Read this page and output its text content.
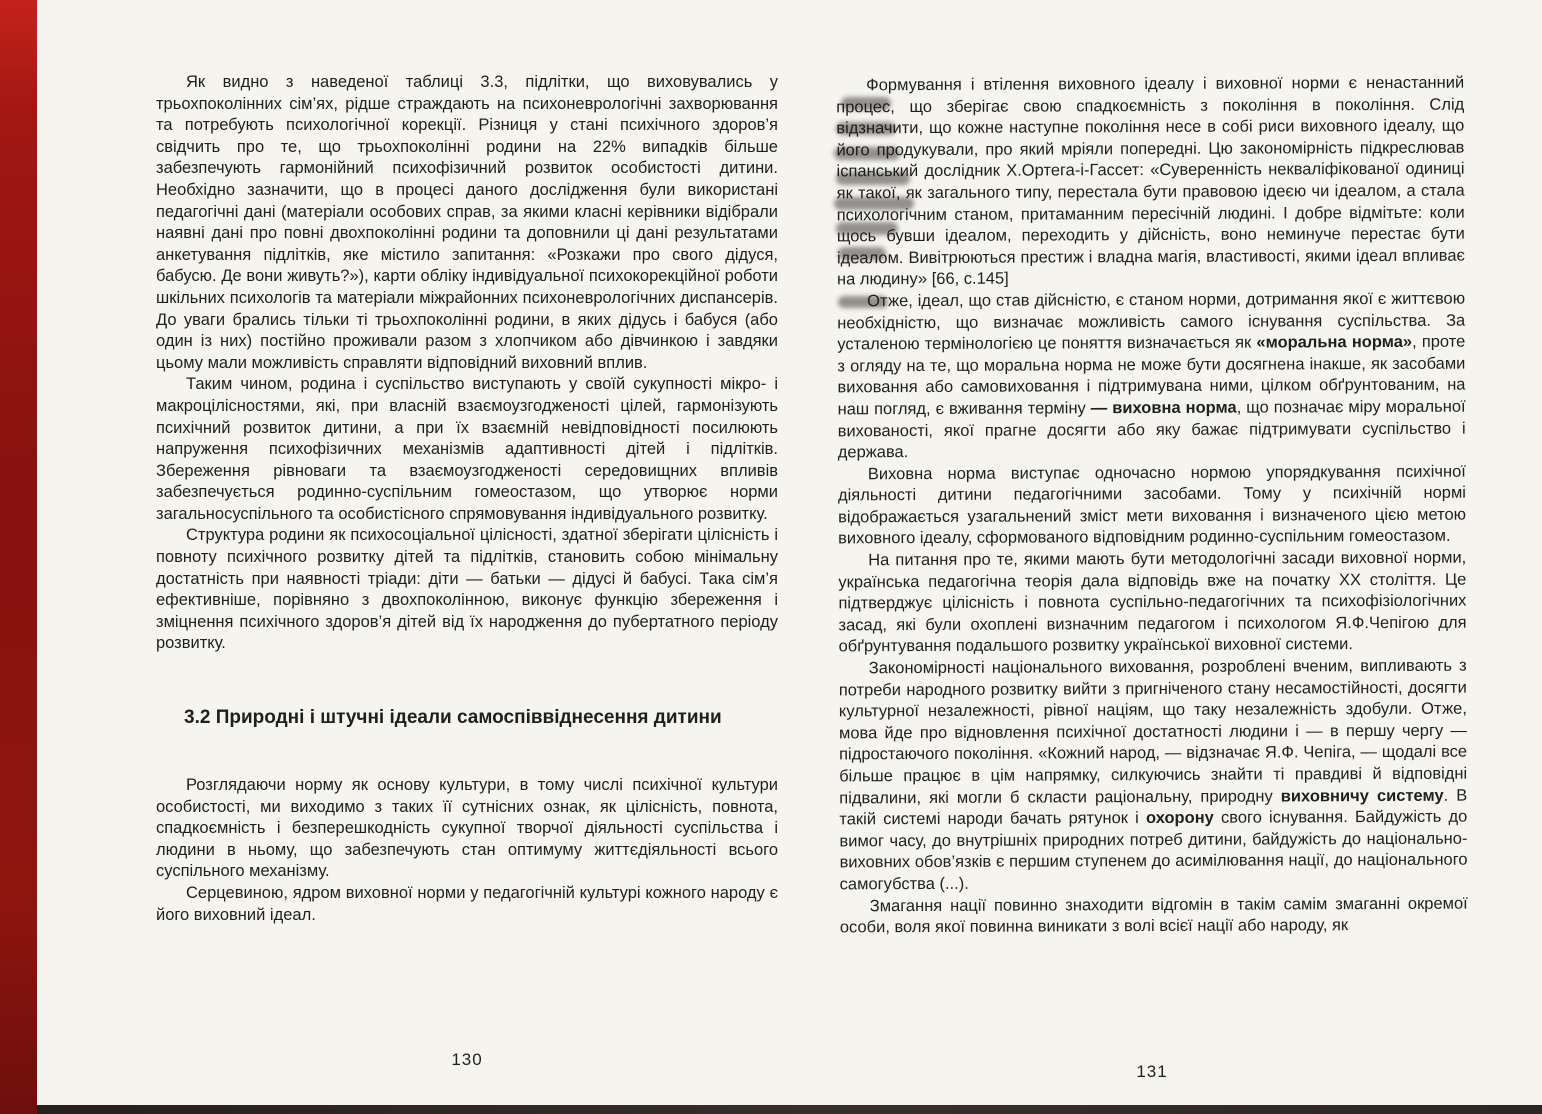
Як видно з наведеної таблиці 3.3, підлітки, що виховувались у трьохпоколінних сім’ях, рідше страждають на психоневрологічні захворювання та потребують психологічної корекції. Різниця у стані психічного здоров’я свідчить про те, що трьохпоколінні родини на 22% випадків більше забезпечують гармонійний психофізичний розвиток особистості дитини. Необхідно зазначити, що в процесі даного дослідження були використані педагогічні дані (матеріали особових справ, за якими класні керівники відібрали наявні дані про повні двохпоколінні родини та доповнили ці дані результатами анкетування підлітків, яке містило запитання: «Розкажи про свого дідуся, бабусю. Де вони живуть?»), карти обліку індивідуальної психокорекційної роботи шкільних психологів та матеріали міжрайонних психоневрологічних диспансерів. До уваги брались тільки ті трьохпоколінні родини, в яких дідусь і бабуся (або один із них) постійно проживали разом з хлопчиком або дівчинкою і завдяки цьому мали можливість справляти відповідний виховний вплив.

Таким чином, родина і суспільство виступають у своїй сукупності мікро- і макроцілісностями, які, при власній взаємоузгодженості цілей, гармонізують психічний розвиток дитини, а при їх взаємній невідповідності посилюють напруження психофізичних механізмів адаптивності дітей і підлітків. Збереження рівноваги та взаємоузгодженості середовищних впливів забезпечується родинно-суспільним гомеостазом, що утворює норми загальносуспільного та особистісного спрямовування індивідуального розвитку.

Структура родини як психосоціальної цілісності, здатної зберігати цілісність і повноту психічного розвитку дітей та підлітків, становить собою мінімальну достатність при наявності тріади: діти — батьки — дідусі й бабусі. Така сім’я ефективніше, порівняно з двохпоколінною, виконує функцію збереження і зміцнення психічного здоров’я дітей від їх народження до пубертатного періоду розвитку.

3.2 Природні і штучні ідеали самоспіввіднесення дитини

Розглядаючи норму як основу культури, в тому числі психічної культури особистості, ми виходимо з таких її сутнісних ознак, як цілісність, повнота, спадкоємність і безперешкодність сукупної творчої діяльності суспільства і людини в ньому, що забезпечують стан оптимуму життєдіяльності всього суспільного механізму.

Серцевиною, ядром виховної норми у педагогічній культурі кожного народу є його виховний ідеал.

Формування і втілення виховного ідеалу і виховної норми є ненастанний процес, що зберігає свою спадкоємність з покоління в покоління. Слід відзначити, що кожне наступне покоління несе в собі риси виховного ідеалу, що його продукували, про який мріяли попередні. Цю закономірність підкреслював іспанський дослідник Х.Ортега-і-Гассет: «Суверенність некваліфікованої одиниці як такої, як загального типу, перестала бути правовою ідеєю чи ідеалом, а стала психологічним станом, притаманним пересічній людині. І добре відмітьте: коли щось бувши ідеалом, переходить у дійсність, воно неминуче перестає бути ідеалом. Вивітрюються престиж і владна магія, властивості, якими ідеал впливає на людину» [66, с.145]

Отже, ідеал, що став дійсністю, є станом норми, дотримання якої є життєвою необхідністю, що визначає можливість самого існування суспільства. За усталеною термінологією це поняття визначається як «моральна норма», проте з огляду на те, що моральна норма не може бути досягнена інакше, як засобами виховання або самовиховання і підтримувана ними, цілком обґрунтованим, на наш погляд, є вживання терміну — виховна норма, що позначає міру моральної вихованості, якої прагне досягти або яку бажає підтримувати суспільство і держава.

Виховна норма виступає одночасно нормою упорядкування психічної діяльності дитини педагогічними засобами. Тому у психічній нормі відображається узагальнений зміст мети виховання і визначеного цією метою виховного ідеалу, сформованого відповідним родинно-суспільним гомеостазом.

На питання про те, якими мають бути методологічні засади виховної норми, українська педагогічна теорія дала відповідь вже на початку XX століття. Це підтверджує цілісність і повнота суспільно-педагогічних та психофізіологічних засад, які були охоплені визначним педагогом і психологом Я.Ф.Чепігою для обґрунтування подальшого розвитку української виховної системи.

Закономірності національного виховання, розроблені вченим, випливають з потреби народного розвитку вийти з пригніченого стану несамостійності, досягти культурної незалежності, рівної націям, що таку незалежність здобули. Отже, мова йде про відновлення психічної достатності людини і — в першу чергу — підростаючого покоління. «Кожний народ, — відзначає Я.Ф. Чепіга, — щодалі все більше працює в цім напрямку, силкуючись знайти ті правдиві й відповідні підвалини, які могли б скласти раціональну, природну виховничу систему. В такій системі народи бачать рятунок і охорону свого існування. Байдужість до вимог часу, до внутрішніх природних потреб дитини, байдужість до національно-виховних обов’язків є першим ступенем до асимілювання нації, до національного самогубства (...).

Змагання нації повинно знаходити відгомін в такім самім змаганні окремої особи, воля якої повинна виникати з волі всієї нації або народу, як

130
131
